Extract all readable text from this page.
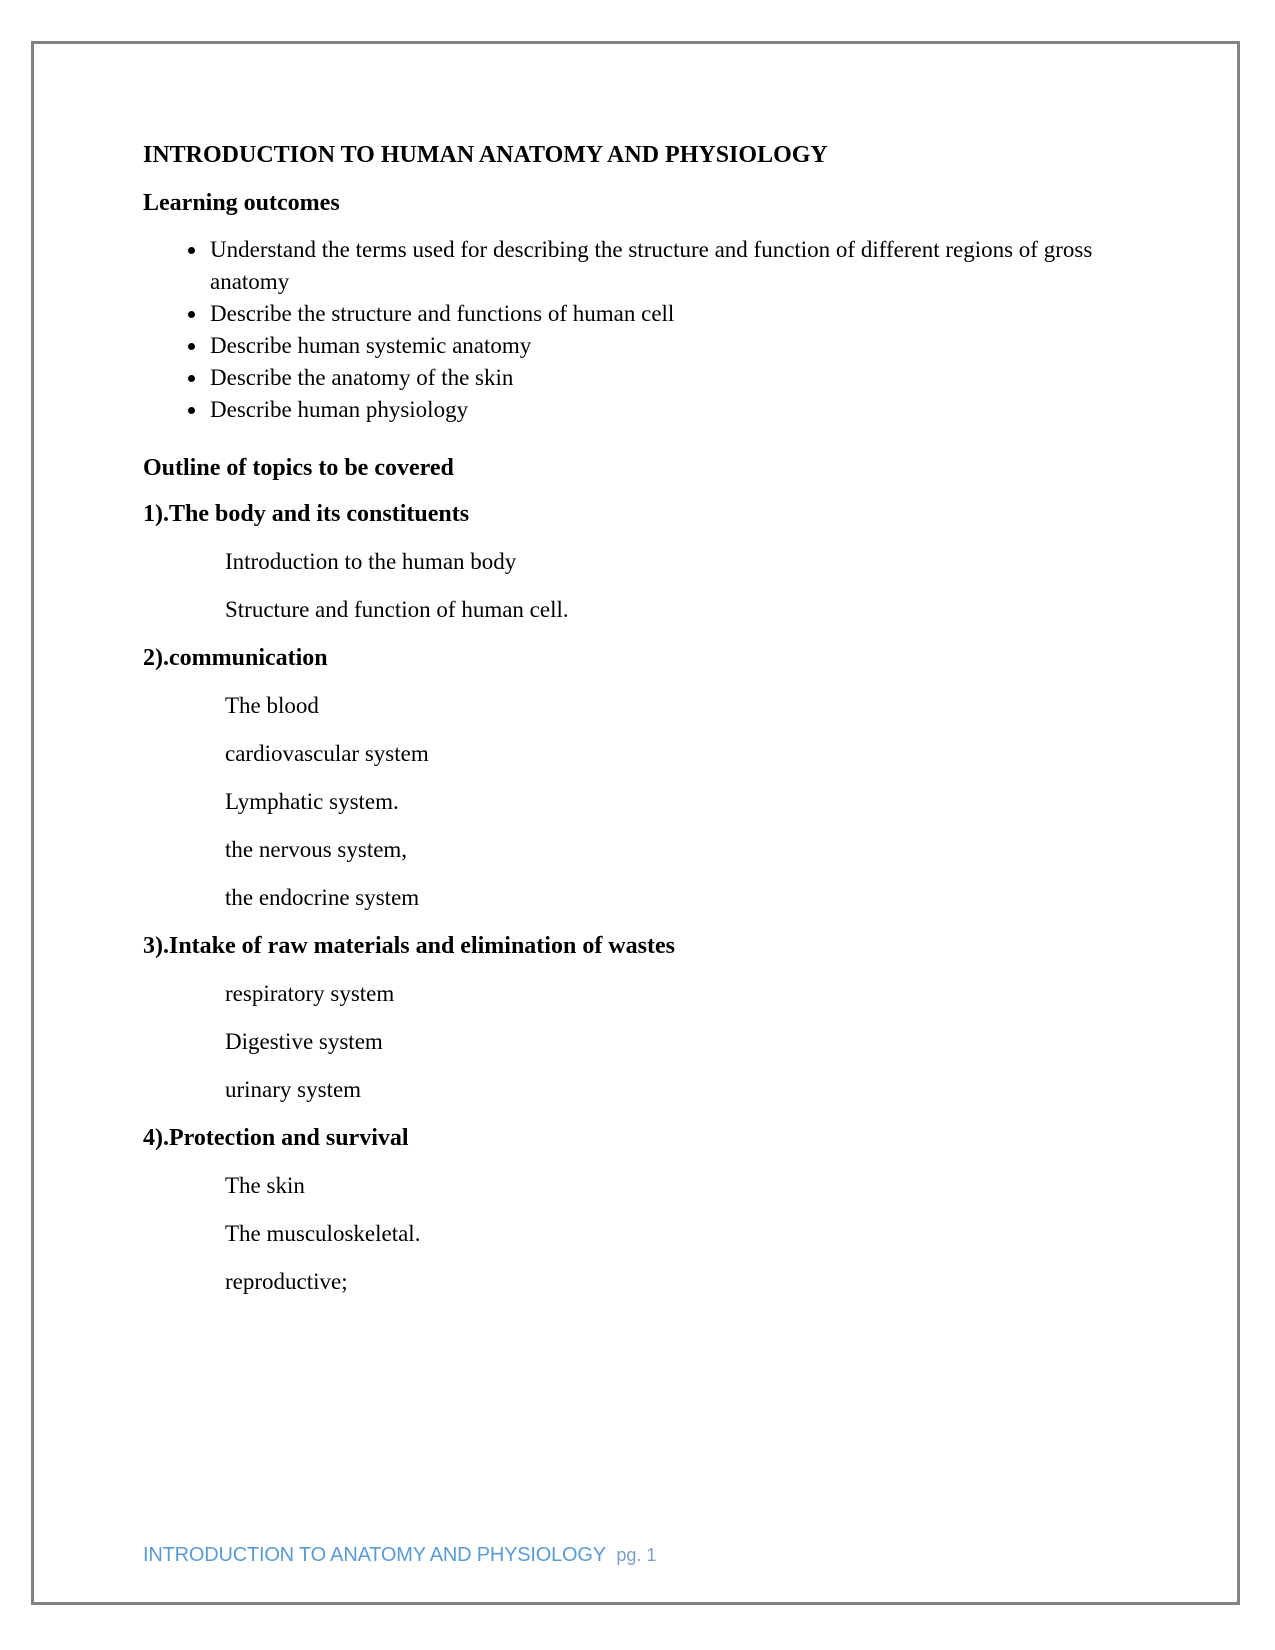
INTRODUCTION TO HUMAN ANATOMY AND PHYSIOLOGY
Learning outcomes
Understand the terms used for describing the structure and function of different regions of gross anatomy
Describe the structure and functions of human cell
Describe human systemic anatomy
Describe the anatomy of the skin
Describe human physiology
Outline of topics to be covered
1).The body and its constituents

Introduction to the human body

Structure and function of human cell.

2).communication

The blood

cardiovascular system

Lymphatic system.

the nervous system,

the endocrine system

3).Intake of raw materials and elimination of wastes

respiratory system

Digestive system

urinary system

4).Protection and survival

The skin

The musculoskeletal.

reproductive;

INTRODUCTION TO ANATOMY AND PHYSIOLOGY pg. 1
